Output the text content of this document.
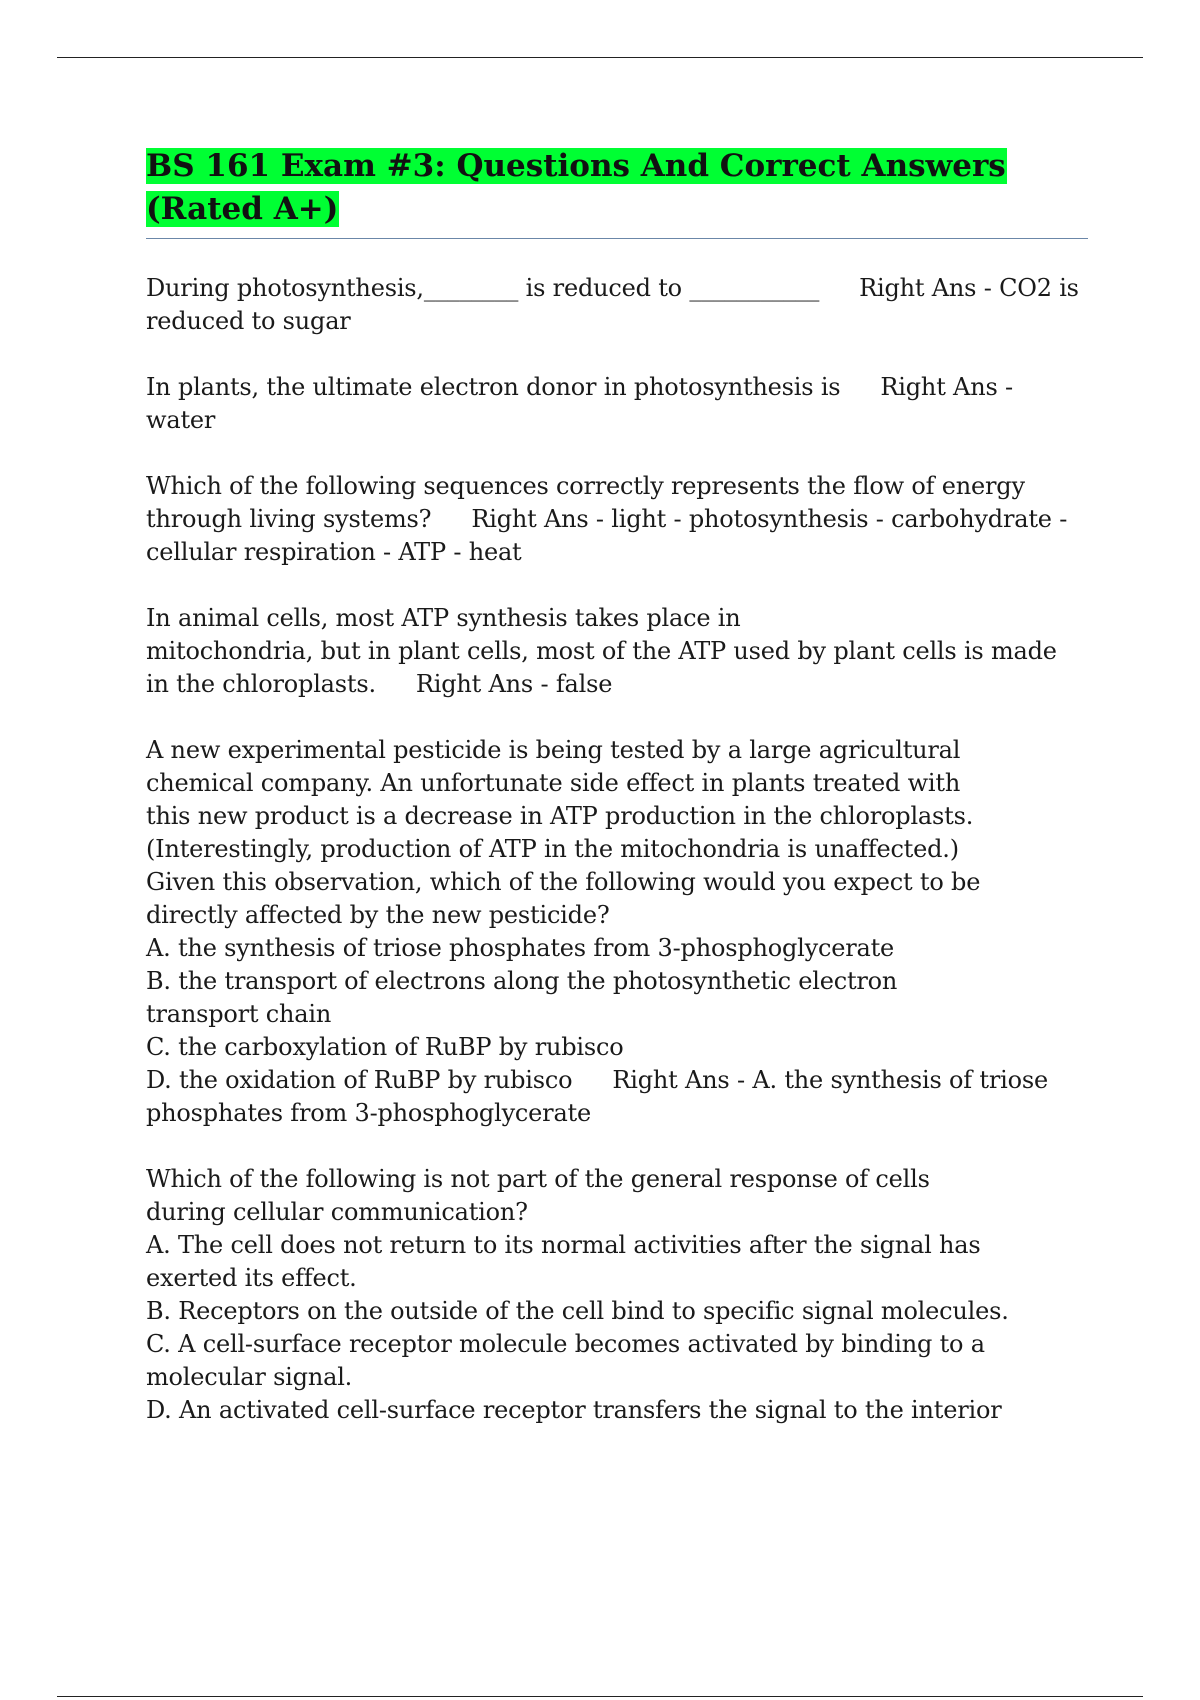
BS 161 Exam #3: Questions And Correct Answers (Rated A+)

During photosynthesis,________ is reduced to ___________ Right Ans - CO2 is reduced to sugar

In plants, the ultimate electron donor in photosynthesis is Right Ans - water

Which of the following sequences correctly represents the flow of energy through living systems? Right Ans - light - photosynthesis - carbohydrate - cellular respiration - ATP - heat

In animal cells, most ATP synthesis takes place in
mitochondria, but in plant cells, most of the ATP used by plant cells is made in the chloroplasts. Right Ans - false

A new experimental pesticide is being tested by a large agricultural
chemical company. An unfortunate side effect in plants treated with
this new product is a decrease in ATP production in the chloroplasts.
(Interestingly, production of ATP in the mitochondria is unaffected.)
Given this observation, which of the following would you expect to be
directly affected by the new pesticide?
A. the synthesis of triose phosphates from 3-phosphoglycerate
B. the transport of electrons along the photosynthetic electron
transport chain
C. the carboxylation of RuBP by rubisco
D. the oxidation of RuBP by rubisco Right Ans - A. the synthesis of triose phosphates from 3-phosphoglycerate

Which of the following is not part of the general response of cells
during cellular communication?
A. The cell does not return to its normal activities after the signal has
exerted its effect.
B. Receptors on the outside of the cell bind to specific signal molecules.
C. A cell-surface receptor molecule becomes activated by binding to a
molecular signal.
D. An activated cell-surface receptor transfers the signal to the interior
